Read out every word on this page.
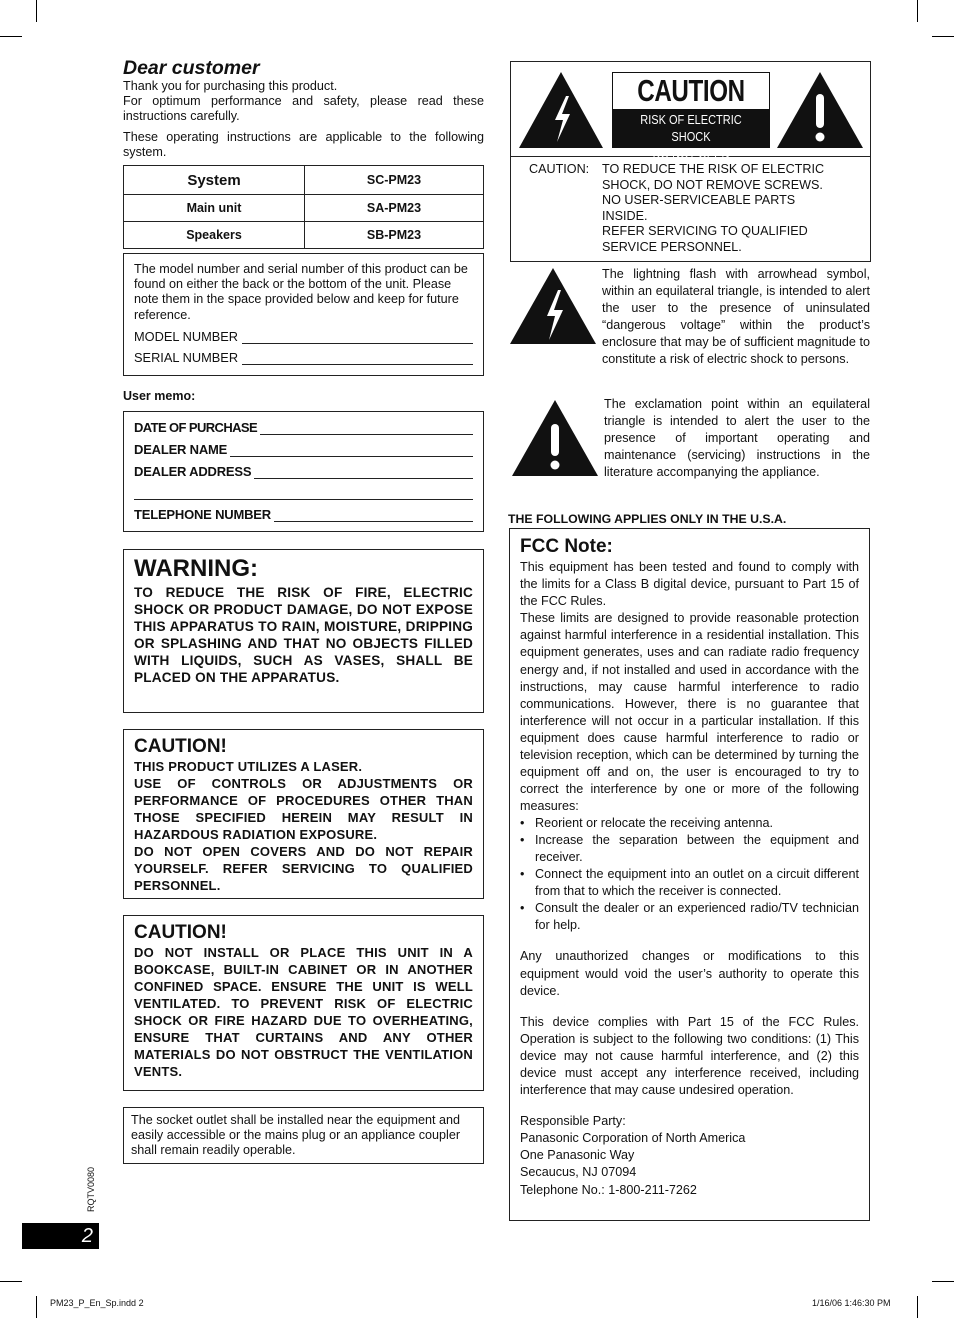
Dear customer

Thank you for purchasing this product.

For optimum performance and safety, please read these instructions carefully.

These operating instructions are applicable to the following system.

System	SC-PM23
Main unit	SA-PM23
Speakers	SB-PM23

The model number and serial number of this product can be found on either the back or the bottom of the unit. Please note them in the space provided below and keep for future reference.

MODEL NUMBER
SERIAL NUMBER
User memo:
DATE OF PURCHASE
DEALER NAME
DEALER ADDRESS
TELEPHONE NUMBER
WARNING:

TO REDUCE THE RISK OF FIRE, ELECTRIC SHOCK OR PRODUCT DAMAGE, DO NOT EXPOSE THIS APPARATUS TO RAIN, MOISTURE, DRIPPING OR SPLASHING AND THAT NO OBJECTS FILLED WITH LIQUIDS, SUCH AS VASES, SHALL BE PLACED ON THE APPARATUS.

CAUTION!

THIS PRODUCT UTILIZES A LASER.

USE OF CONTROLS OR ADJUSTMENTS OR PERFORMANCE OF PROCEDURES OTHER THAN THOSE SPECIFIED HEREIN MAY RESULT IN HAZARDOUS RADIATION EXPOSURE.

DO NOT OPEN COVERS AND DO NOT REPAIR YOURSELF. REFER SERVICING TO QUALIFIED PERSONNEL.

CAUTION!

DO NOT INSTALL OR PLACE THIS UNIT IN A BOOKCASE, BUILT-IN CABINET OR IN ANOTHER CONFINED SPACE. ENSURE THE UNIT IS WELL VENTILATED. TO PREVENT RISK OF ELECTRIC SHOCK OR FIRE HAZARD DUE TO OVERHEATING, ENSURE THAT CURTAINS AND ANY OTHER MATERIALS DO NOT OBSTRUCT THE VENTILATION VENTS.

The socket outlet shall be installed near the equipment and easily accessible or the mains plug or an appliance coupler shall remain readily operable.

2
RQTV0080
CAUTION
RISK OF ELECTRIC SHOCK
DO NOT OPEN
CAUTION: TO REDUCE THE RISK OF ELECTRIC
SHOCK, DO NOT REMOVE SCREWS.
NO USER-SERVICEABLE PARTS
INSIDE.
REFER SERVICING TO QUALIFIED
SERVICE PERSONNEL.

The lightning flash with arrowhead symbol, within an equilateral triangle, is intended to alert the user to the presence of uninsulated “dangerous voltage” within the product’s enclosure that may be of sufficient magnitude to constitute a risk of electric shock to persons.

The exclamation point within an equilateral triangle is intended to alert the user to the presence of important operating and maintenance (servicing) instructions in the literature accompanying the appliance.

THE FOLLOWING APPLIES ONLY IN THE U.S.A.
FCC Note:

This equipment has been tested and found to comply with the limits for a Class B digital device, pursuant to Part 15 of the FCC Rules.

These limits are designed to provide reasonable protection against harmful interference in a residential installation. This equipment generates, uses and can radiate radio frequency energy and, if not installed and used in accordance with the instructions, may cause harmful interference to radio communications. However, there is no guarantee that interference will not occur in a particular installation. If this equipment does cause harmful interference to radio or television reception, which can be determined by turning the equipment off and on, the user is encouraged to try to correct the interference by one or more of the following measures:

• Reorient or relocate the receiving antenna.
• Increase the separation between the equipment and receiver.
• Connect the equipment into an outlet on a circuit different from that to which the receiver is connected.
• Consult the dealer or an experienced radio/TV technician for help.

Any unauthorized changes or modifications to this equipment would void the user’s authority to operate this device.

This device complies with Part 15 of the FCC Rules. Operation is subject to the following two conditions: (1) This device may not cause harmful interference, and (2) this device must accept any interference received, including interference that may cause undesired operation.

Responsible Party:

Panasonic Corporation of North America

One Panasonic Way

Secaucus, NJ 07094

Telephone No.: 1-800-211-7262

PM23_P_En_Sp.indd 2	1/16/06 1:46:30 PM
